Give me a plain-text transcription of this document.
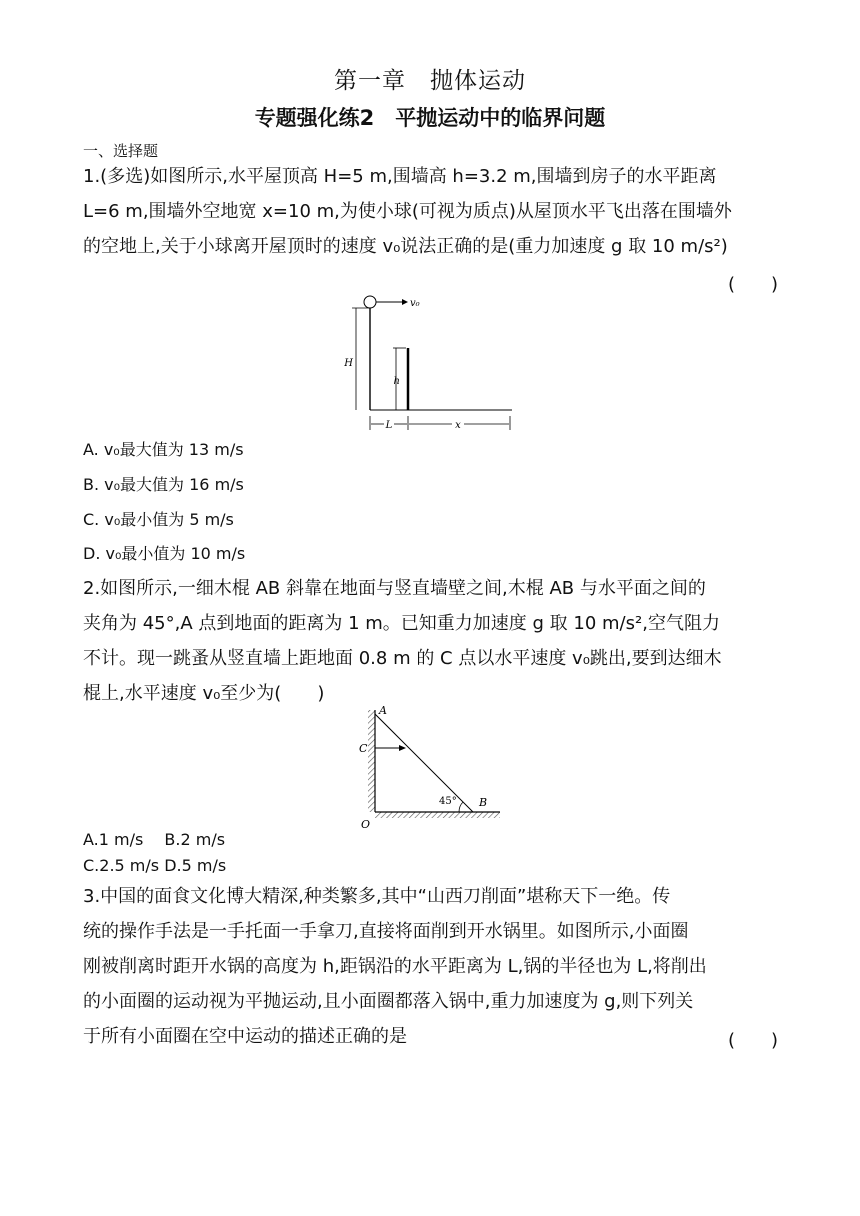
第一章　抛体运动
专题强化练2　平抛运动中的临界问题
一、选择题
1.(多选)如图所示,水平屋顶高 H=5 m,围墙高 h=3.2 m,围墙到房子的水平距离
L=6 m,围墙外空地宽 x=10 m,为使小球(可视为质点)从屋顶水平飞出落在围墙外
的空地上,关于小球离开屋顶时的速度 v₀说法正确的是(重力加速度 g 取 10 m/s²)
(　　)
v₀
H
h
L	x
A. v₀最大值为 13 m/s
B. v₀最大值为 16 m/s
C. v₀最小值为 5 m/s
D. v₀最小值为 10 m/s
2.如图所示,一细木棍 AB 斜靠在地面与竖直墙壁之间,木棍 AB 与水平面之间的
夹角为 45°,A 点到地面的距离为 1 m。已知重力加速度 g 取 10 m/s²,空气阻力
不计。现一跳蚤从竖直墙上距地面 0.8 m 的 C 点以水平速度 v₀跳出,要到达细木
棍上,水平速度 v₀至少为(　　)
A
C
45° B
O
A.1 m/s　 B.2 m/s
C.2.5 m/s D.5 m/s
3.中国的面食文化博大精深,种类繁多,其中“山西刀削面”堪称天下一绝。传
统的操作手法是一手托面一手拿刀,直接将面削到开水锅里。如图所示,小面圈
刚被削离时距开水锅的高度为 h,距锅沿的水平距离为 L,锅的半径也为 L,将削出
的小面圈的运动视为平抛运动,且小面圈都落入锅中,重力加速度为 g,则下列关
于所有小面圈在空中运动的描述正确的是	(　　)
